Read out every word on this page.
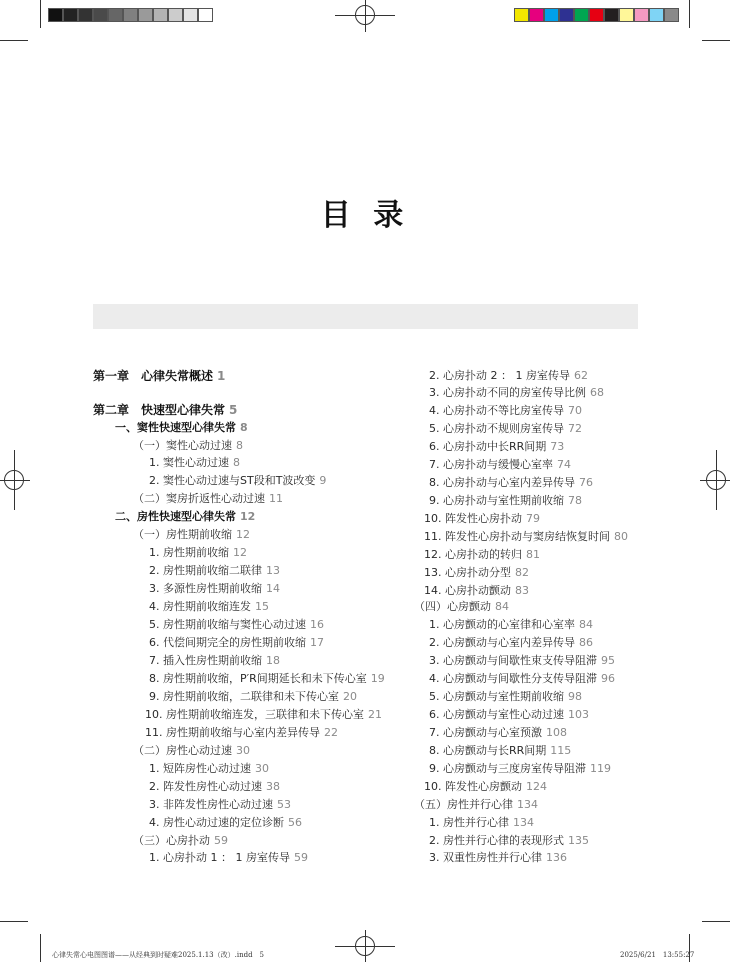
目 录
第一章　心律失常概述 1
第二章　快速型心律失常 5
一、窦性快速型心律失常 8
（一）窦性心动过速 8
1. 窦性心动过速 8
2. 窦性心动过速与ST段和T波改变 9
（二）窦房折返性心动过速 11
二、房性快速型心律失常 12
（一）房性期前收缩 12
1. 房性期前收缩 12
2. 房性期前收缩二联律 13
3. 多源性房性期前收缩 14
4. 房性期前收缩连发 15
5. 房性期前收缩与窦性心动过速 16
6. 代偿间期完全的房性期前收缩 17
7. 插入性房性期前收缩 18
8. 房性期前收缩，P′R间期延长和未下传心室 19
9. 房性期前收缩，二联律和未下传心室 20
10. 房性期前收缩连发，三联律和未下传心室 21
11. 房性期前收缩与心室内差异传导 22
（二）房性心动过速 30
1. 短阵房性心动过速 30
2. 阵发性房性心动过速 38
3. 非阵发性房性心动过速 53
4. 房性心动过速的定位诊断 56
（三）心房扑动 59
1. 心房扑动 1 ： 1 房室传导 59
2. 心房扑动 2 ： 1 房室传导 62
3. 心房扑动不同的房室传导比例 68
4. 心房扑动不等比房室传导 70
5. 心房扑动不规则房室传导 72
6. 心房扑动中长RR间期 73
7. 心房扑动与缓慢心室率 74
8. 心房扑动与心室内差异传导 76
9. 心房扑动与室性期前收缩 78
10. 阵发性心房扑动 79
11. 阵发性心房扑动与窦房结恢复时间 80
12. 心房扑动的转归 81
13. 心房扑动分型 82
14. 心房扑动颤动 83
（四）心房颤动 84
1. 心房颤动的心室律和心室率 84
2. 心房颤动与心室内差异传导 86
3. 心房颤动与间歇性束支传导阻滞 95
4. 心房颤动与间歇性分支传导阻滞 96
5. 心房颤动与室性期前收缩 98
6. 心房颤动与室性心动过速 103
7. 心房颤动与心室预激 108
8. 心房颤动与长RR间期 115
9. 心房颤动与三度房室传导阻滞 119
10. 阵发性心房颤动 124
（五）房性并行心律 134
1. 房性并行心律 134
2. 房性并行心律的表现形式 135
3. 双重性房性并行心律 136
心律失常心电图图谱——从经典到时疑难2025.1.13（改）.indd　5	2025/6/21　13:55:27
